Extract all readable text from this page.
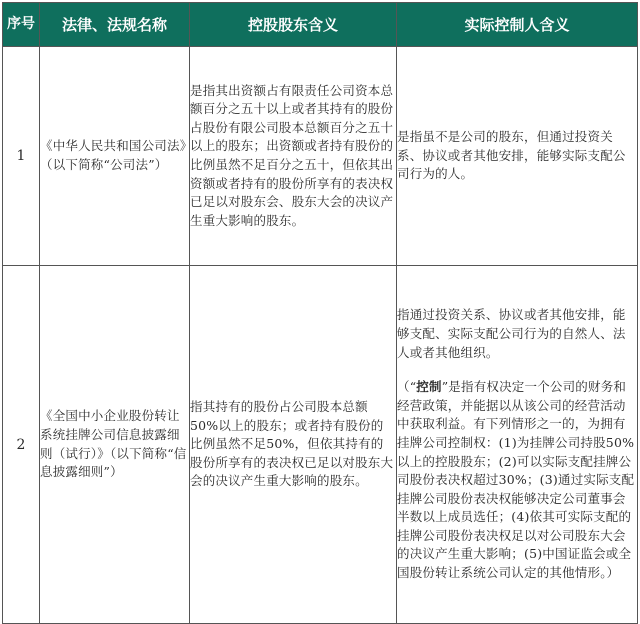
序号	法律、法规名称	控股股东含义	实际控制人含义
1	《中华人民共和国公司法》（以下简称“公司法”）	是指其出资额占有限责任公司资本总额百分之五十以上或者其持有的股份占股份有限公司股本总额百分之五十以上的股东；出资额或者持有股份的比例虽然不足百分之五十，但依其出资额或者持有的股份所享有的表决权已足以对股东会、股东大会的决议产生重大影响的股东。	是指虽不是公司的股东，但通过投资关系、协议或者其他安排，能够实际支配公司行为的人。
2	《全国中小企业股份转让系统挂牌公司信息披露细则（试行）》（以下简称“信息披露细则”）	指其持有的股份占公司股本总额50%以上的股东；或者持有股份的比例虽然不足50%，但依其持有的股份所享有的表决权已足以对股东大会的决议产生重大影响的股东。	指通过投资关系、协议或者其他安排，能够支配、实际支配公司行为的自然人、法人或者其他组织。
（“控制”是指有权决定一个公司的财务和经营政策，并能据以从该公司的经营活动中获取利益。有下列情形之一的，为拥有挂牌公司控制权：(1)为挂牌公司持股50%以上的控股股东；(2)可以实际支配挂牌公司股份表决权超过30%；(3)通过实际支配挂牌公司股份表决权能够决定公司董事会半数以上成员选任；(4)依其可实际支配的挂牌公司股份表决权足以对公司股东大会的决议产生重大影响；(5)中国证监会或全国股份转让系统公司认定的其他情形。）
